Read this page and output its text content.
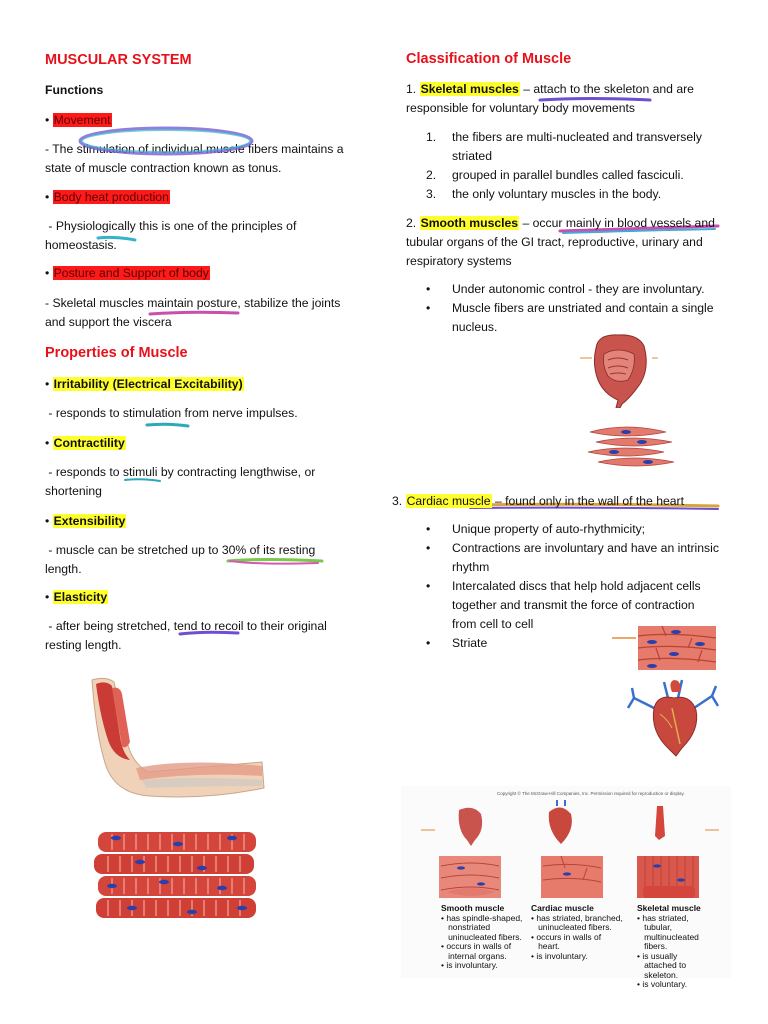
MUSCULAR SYSTEM
Functions
• Movement
- The stimulation of individual muscle fibers maintains a state of muscle contraction known as tonus.
• Body heat production
- Physiologically this is one of the principles of homeostasis.
• Posture and Support of body
- Skeletal muscles maintain posture, stabilize the joints and support the viscera
Properties of Muscle
• Irritability (Electrical Excitability)
- responds to stimulation from nerve impulses.
• Contractility
- responds to stimuli by contracting lengthwise, or shortening
• Extensibility
- muscle can be stretched up to 30% of its resting length.
• Elasticity
- after being stretched, tend to recoil to their original resting length.
Classification of Muscle
1. Skeletal muscles – attach to the skeleton and are responsible for voluntary body movements
1. the fibers are multi-nucleated and transversely striated
2. grouped in parallel bundles called fasciculi.
3. the only voluntary muscles in the body.
2. Smooth muscles – occur mainly in blood vessels and tubular organs of the GI tract, reproductive, urinary and respiratory systems
• Under autonomic control - they are involuntary.
• Muscle fibers are unstriated and contain a single nucleus.
3. Cardiac muscle – found only in the wall of the heart
• Unique property of auto-rhythmicity;
• Contractions are involuntary and have an intrinsic rhythm
• Intercalated discs that help hold adjacent cells together and transmit the force of contraction from cell to cell
• Striate
Copyright © The McGraw-Hill Companies, Inc. Permission required for reproduction or display.
Smooth muscle
• has spindle-shaped,
nonstriated
uninucleated fibers.
• occurs in walls of
internal organs.
• is involuntary.
Cardiac muscle
• has striated, branched,
uninucleated fibers.
• occurs in walls of
heart.
• is involuntary.
Skeletal muscle
• has striated,
tubular,
multinucleated
fibers.
• is usually
attached to
skeleton.
• is voluntary.
